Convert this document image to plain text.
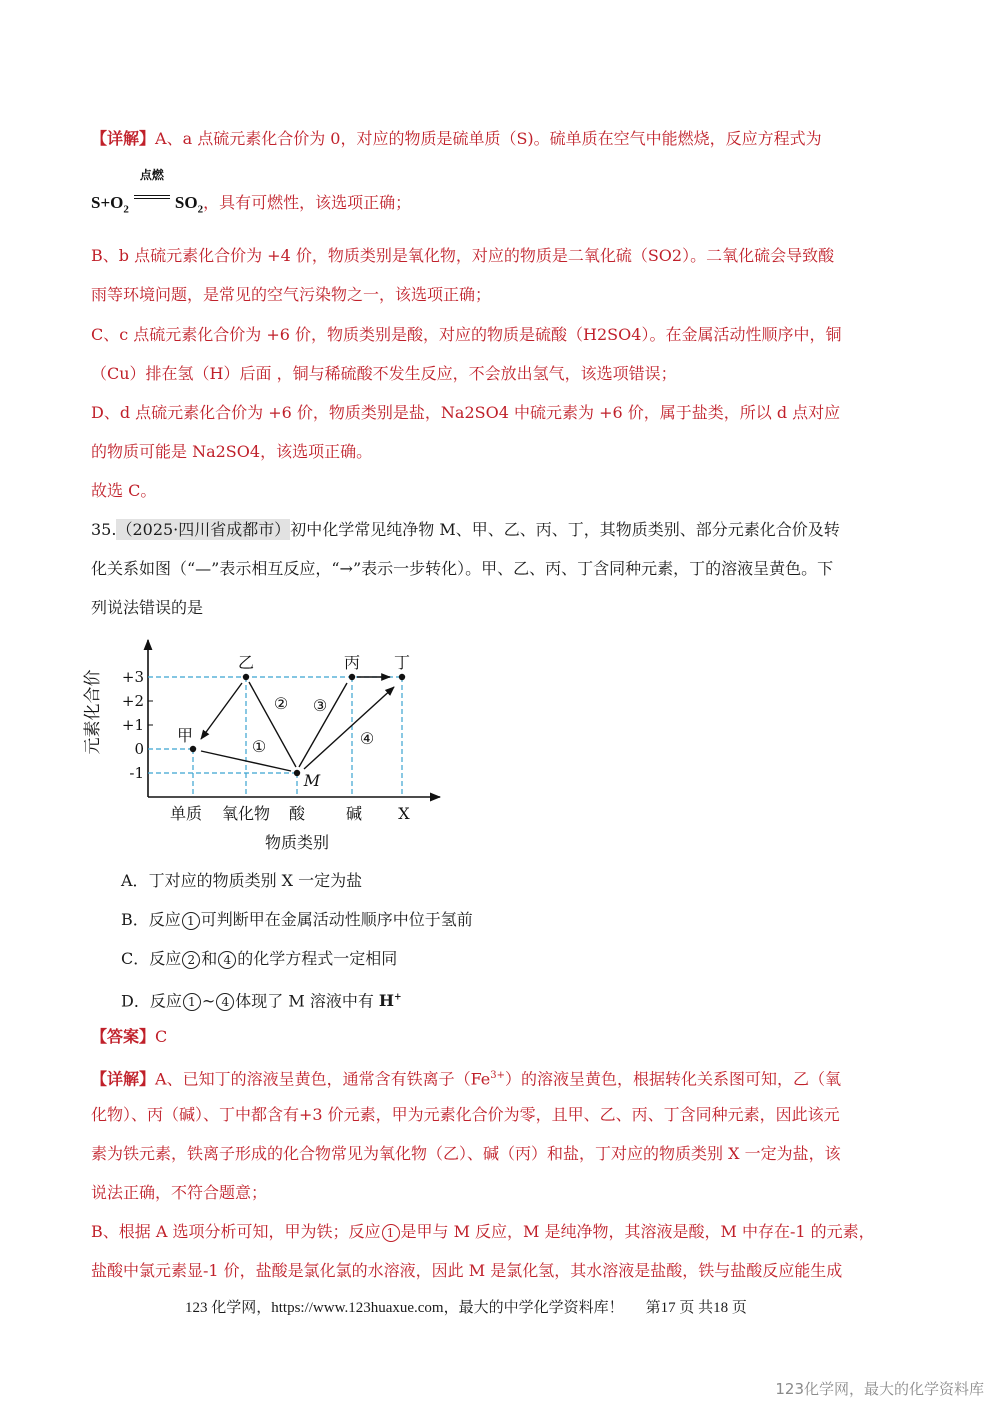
【详解】A、a 点硫元素化合价为 0，对应的物质是硫单质（S)。硫单质在空气中能燃烧，反应方程式为
$S+O_2$
点燃
$SO_2$ ，具有可燃性，该选项正确；
B、b 点硫元素化合价为 +4 价，物质类别是氧化物，对应的物质是二氧化硫（SO2）。二氧化硫会导致酸
雨等环境问题，是常见的空气污染物之一，该选项正确；
C、c 点硫元素化合价为 +6 价，物质类别是酸，对应的物质是硫酸（H2SO4）。在金属活动性顺序中，铜
（Cu）排在氢（H）后面 ，铜与稀硫酸不发生反应，不会放出氢气，该选项错误；
D、d 点硫元素化合价为 +6 价，物质类别是盐，Na2SO4 中硫元素为 +6 价，属于盐类，所以 d 点对应
的物质可能是 Na2SO4，该选项正确。
故选 C。
35.（2025·四川省成都市）初中化学常见纯净物 M、甲、乙、丙、丁，其物质类别、部分元素化合价及转
化关系如图（“—”表示相互反应，“→”表示一步转化）。甲、乙、丙、丁含同种元素，丁的溶液呈黄色。下
列说法错误的是
+3
+2
+1
0
-1
元素化合价
单质 氧化物 酸	碱 X
物质类别
甲
乙
M
丙 丁
①
② ③
④
A．丁对应的物质类别 X 一定为盐
B．反应 1 可判断甲在金属活动性顺序中位于氢前
C．反应 2 和 4 的化学方程式一定相同
D．反应 1 ~ 4 体现了 M 溶液中有 H+
【答案】C
【详解】A、已知丁的溶液呈黄色，通常含有铁离子$(Fe^{3+})$的溶液呈黄色，根据转化关系图可知，乙（氧
化物）、丙（碱）、丁中都含有+3 价元素，甲为元素化合价为零，且甲、乙、丙、丁含同种元素，因此该元
素为铁元素，铁离子形成的化合物常见为氧化物（乙）、碱（丙）和盐，丁对应的物质类别 X 一定为盐，该
说法正确，不符合题意；
B、根据 A 选项分析可知，甲为铁；反应 1 是甲与 M 反应，M 是纯净物，其溶液是酸，M 中存在-1 的元素，
盐酸中氯元素显-1 价，盐酸是氯化氯的水溶液，因此 M 是氯化氢，其水溶液是盐酸，铁与盐酸反应能生成
123 化学网，https://www.123huaxue.com，最大的中学化学资料库！ 第17 页 共18 页
123化学网，最大的化学资料库
